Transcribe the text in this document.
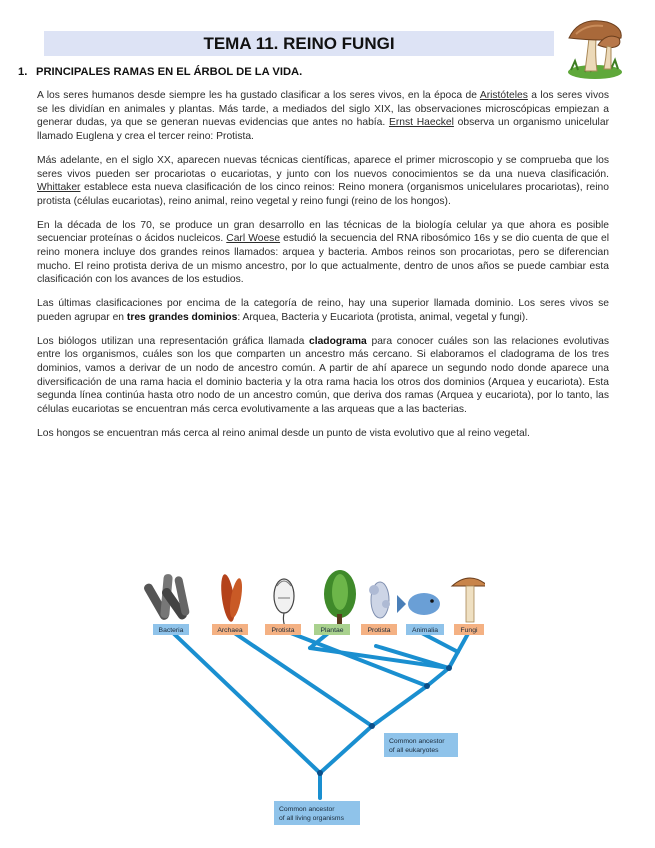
TEMA 11. REINO FUNGI
1. PRINCIPALES RAMAS EN EL ÁRBOL DE LA VIDA.

A los seres humanos desde siempre les ha gustado clasificar a los seres vivos, en la época de Aristóteles a los seres vivos se les dividían en animales y plantas. Más tarde, a mediados del siglo XIX, las observaciones microscópicas empiezan a generar dudas, ya que se generan nuevas evidencias que antes no había. Ernst Haeckel observa un organismo unicelular llamado Euglena y crea el tercer reino: Protista.

Más adelante, en el siglo XX, aparecen nuevas técnicas científicas, aparece el primer microscopio y se comprueba que los seres vivos pueden ser procariotas o eucariotas, y junto con los nuevos conocimientos se da una nueva clasificación. Whittaker establece esta nueva clasificación de los cinco reinos: Reino monera (organismos unicelulares procariotas), reino protista (células eucariotas), reino animal, reino vegetal y reino fungi (reino de los hongos).

En la década de los 70, se produce un gran desarrollo en las técnicas de la biología celular ya que ahora es posible secuenciar proteínas o ácidos nucleicos. Carl Woese estudió la secuencia del RNA ribosómico 16s y se dio cuenta de que el reino monera incluye dos grandes reinos llamados: arquea y bacteria. Ambos reinos son procariotas, pero se diferencian mucho. El reino protista deriva de un mismo ancestro, por lo que actualmente, dentro de unos años se puede cambiar esta clasificación con los avances de los estudios.

Las últimas clasificaciones por encima de la categoría de reino, hay una superior llamada dominio. Los seres vivos se pueden agrupar en tres grandes dominios: Arquea, Bacteria y Eucariota (protista, animal, vegetal y fungi).

Los biólogos utilizan una representación gráfica llamada cladograma para conocer cuáles son las relaciones evolutivas entre los organismos, cuáles son los que comparten un ancestro más cercano. Si elaboramos el cladograma de los tres dominios, vamos a derivar de un nodo de ancestro común. A partir de ahí aparece un segundo nodo donde aparece una diversificación de una rama hacia el dominio bacteria y la otra rama hacia los otros dos dominios (Arquea y eucariota). Esta segunda línea continúa hasta otro nodo de un ancestro común, que deriva dos ramas (Arquea y eucariota), por lo tanto, las células eucariotas se encuentran más cerca evolutivamente a las arqueas que a las bacterias.

Los hongos se encuentran más cerca al reino animal desde un punto de vista evolutivo que al reino vegetal.

Bacteria	Archaea	Protista	Plantae	Protista	Animalia	Fungi
Common ancestor
of all eukaryotes
Common ancestor
of all living organisms
